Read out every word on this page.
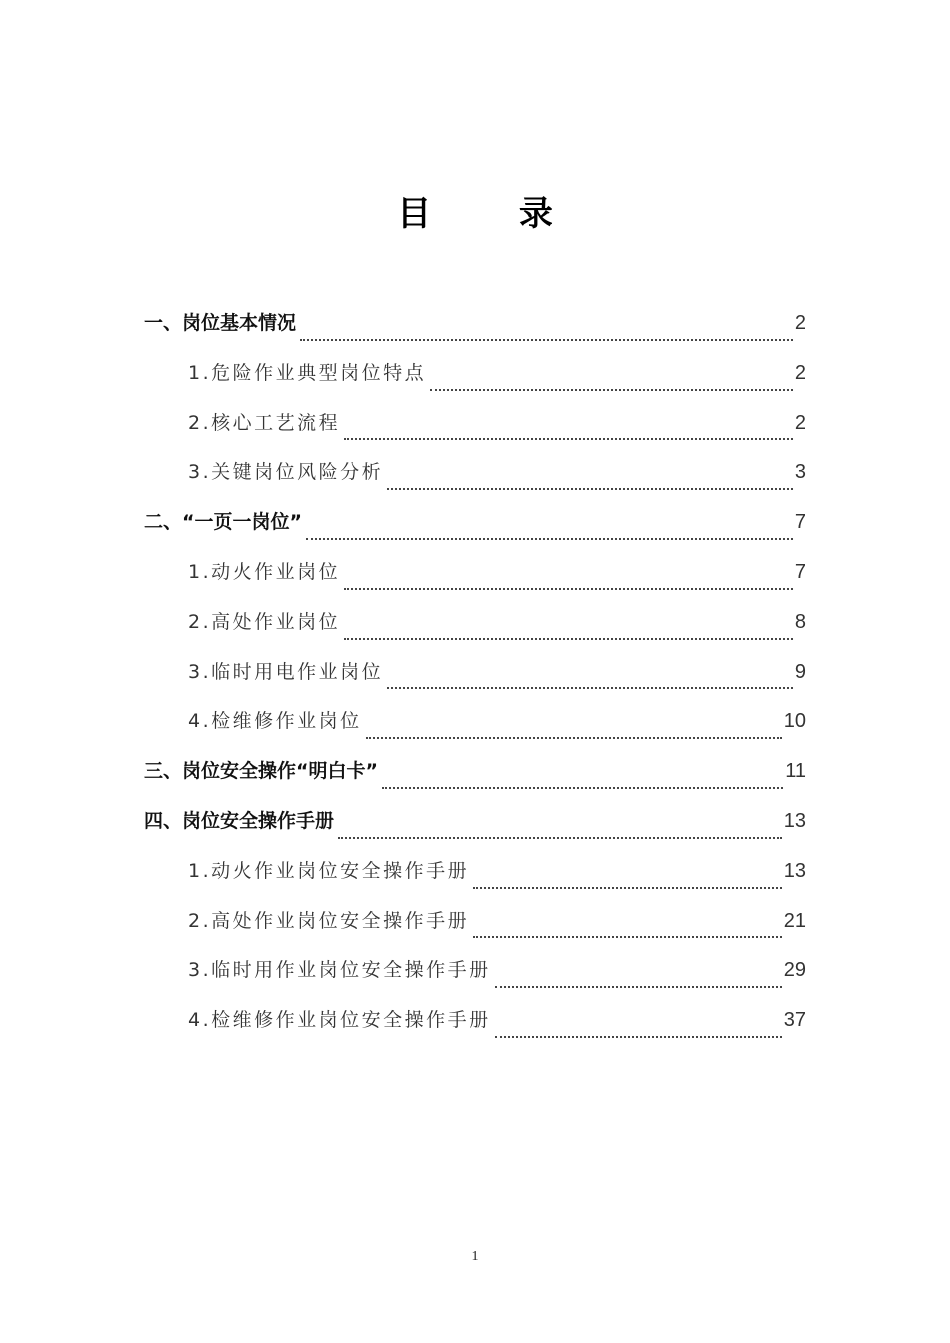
目 录
一、岗位基本情况	2
1.危险作业典型岗位特点	2
2.核心工艺流程	2
3.关键岗位风险分析	3
二、“一页一岗位”	7
1.动火作业岗位	7
2.高处作业岗位	8
3.临时用电作业岗位	9
4.检维修作业岗位	10
三、岗位安全操作“明白卡”	11
四、岗位安全操作手册	13
1.动火作业岗位安全操作手册	13
2.高处作业岗位安全操作手册	21
3.临时用作业岗位安全操作手册	29
4.检维修作业岗位安全操作手册	37
1
